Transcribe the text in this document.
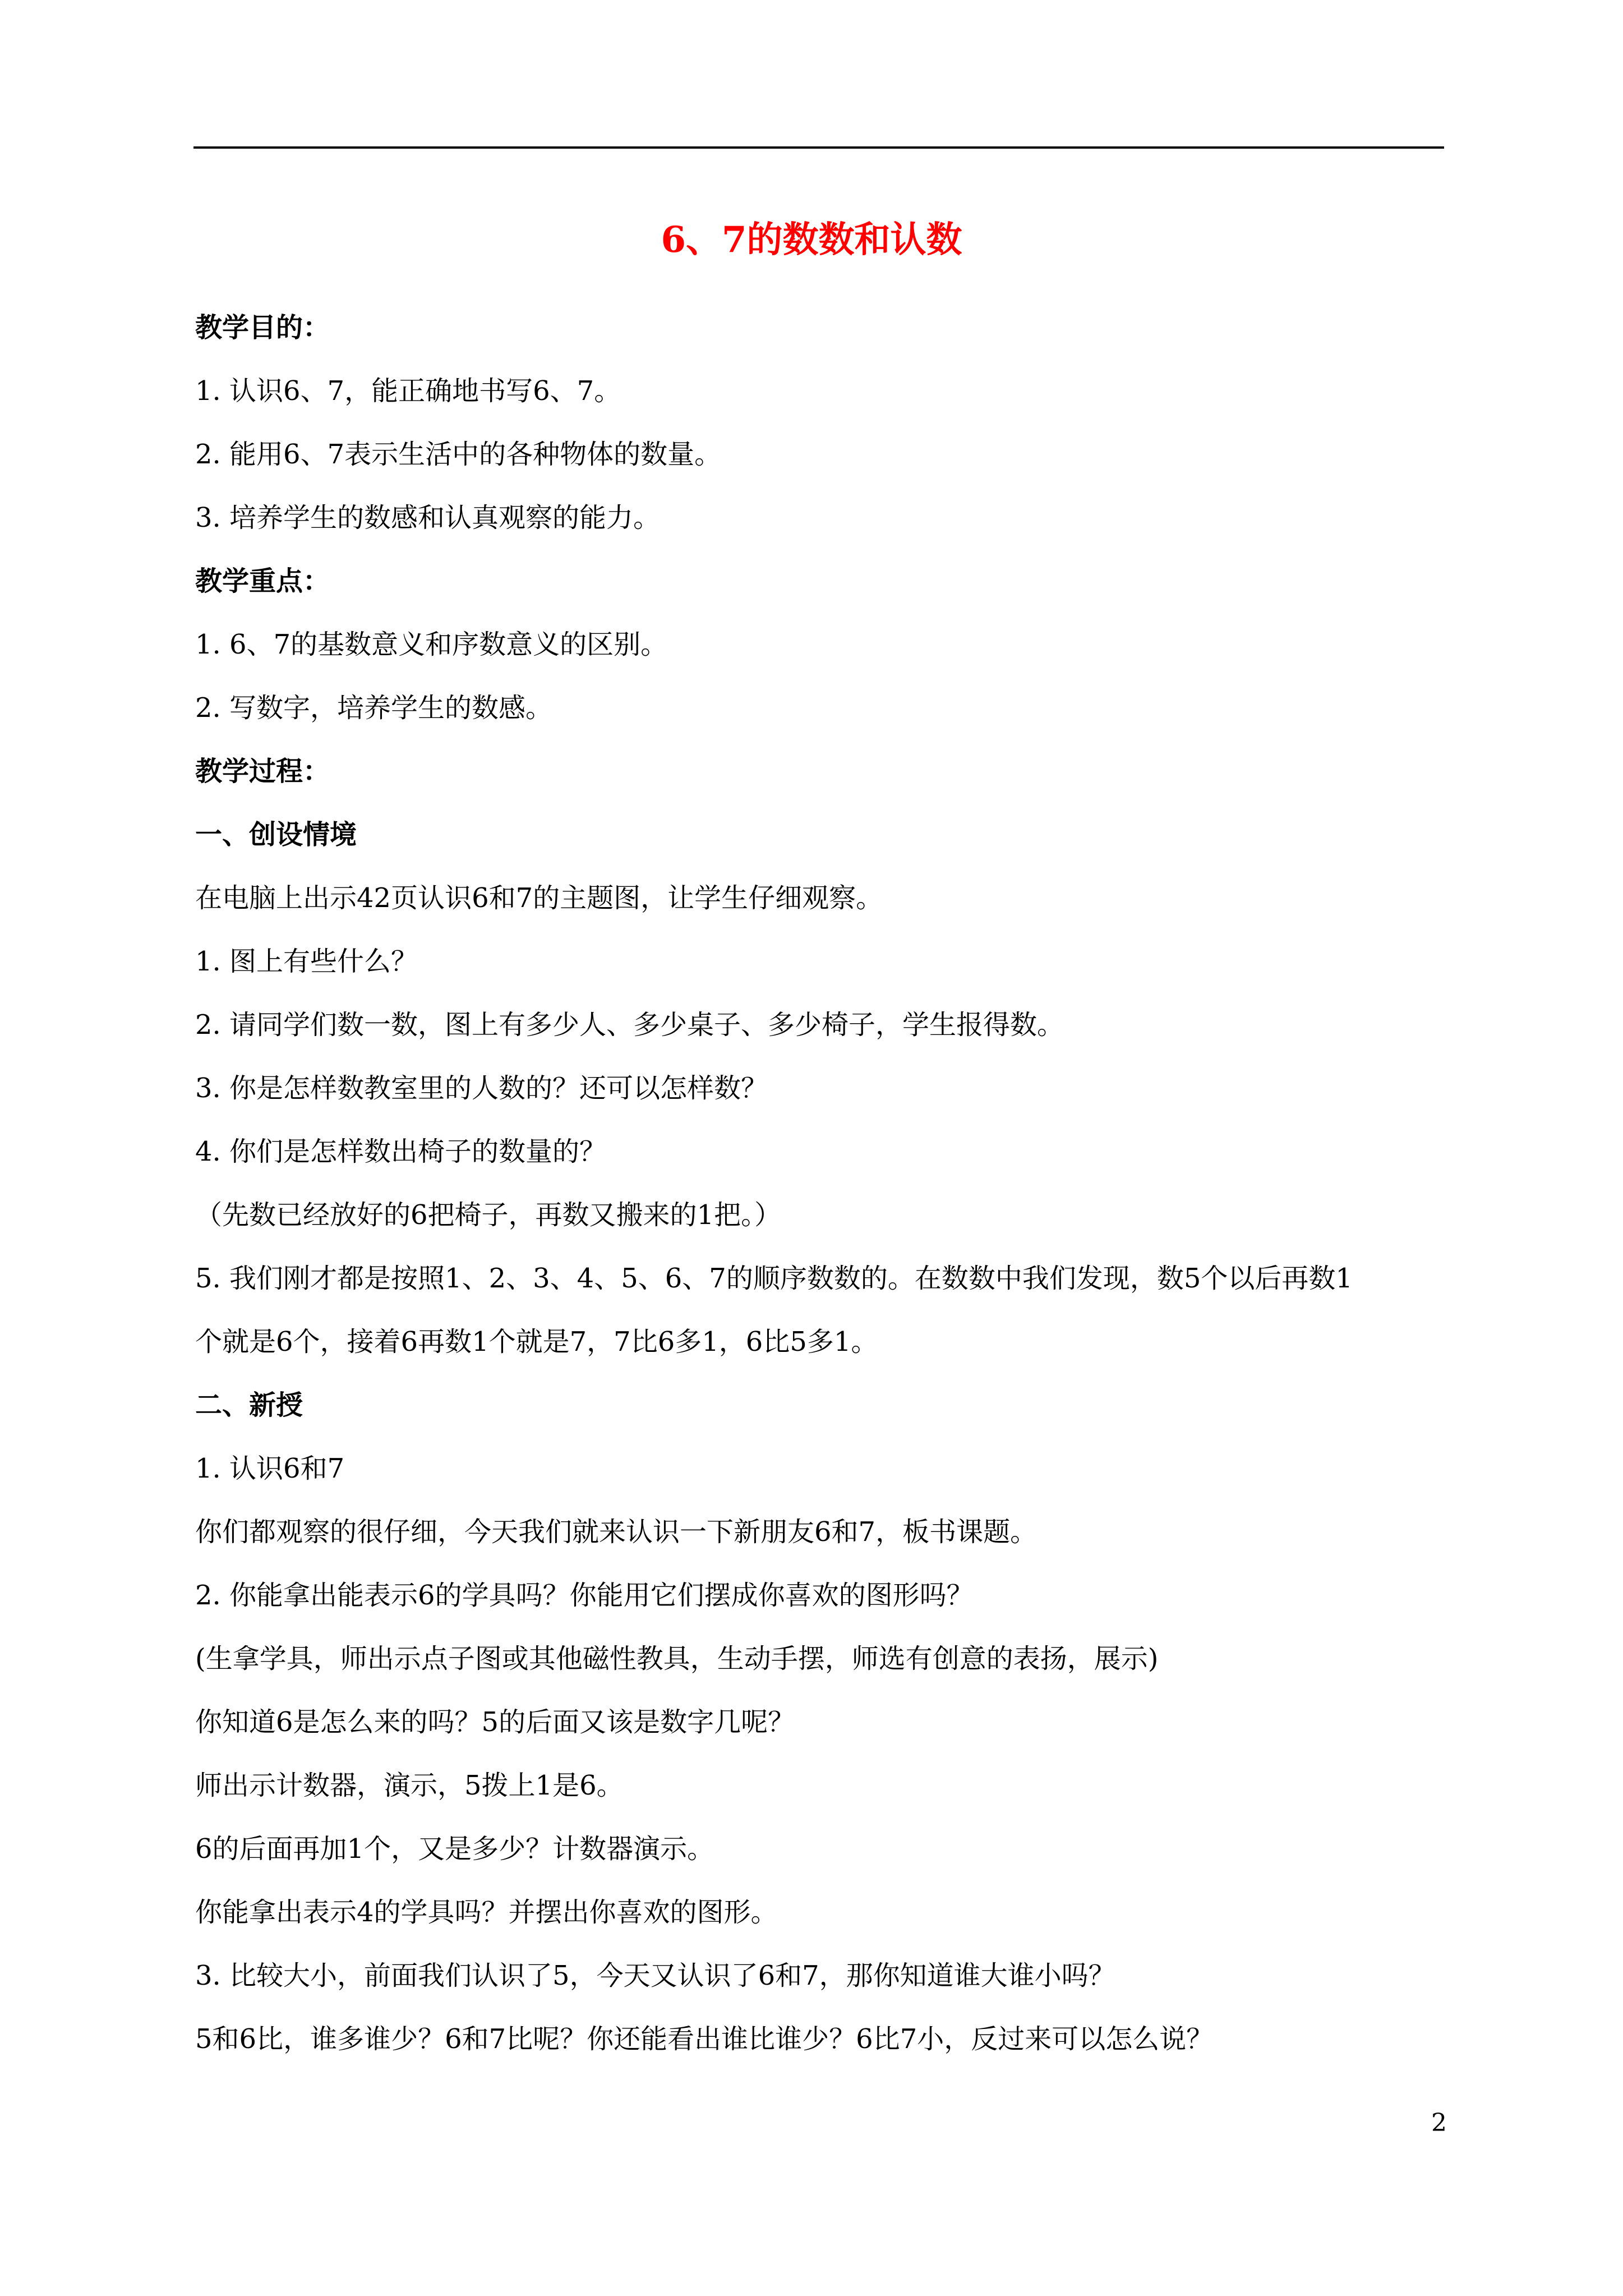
6、7的数数和认数

教学目的：

1. 认识6、7，能正确地书写6、7。

2. 能用6、7表示生活中的各种物体的数量。

3. 培养学生的数感和认真观察的能力。

教学重点：

1. 6、7的基数意义和序数意义的区别。

2. 写数字，培养学生的数感。

教学过程：

一、创设情境

在电脑上出示42页认识6和7的主题图，让学生仔细观察。

1. 图上有些什么？

2. 请同学们数一数，图上有多少人、多少桌子、多少椅子，学生报得数。

3. 你是怎样数教室里的人数的？还可以怎样数？

4. 你们是怎样数出椅子的数量的？

（先数已经放好的6把椅子，再数又搬来的1把。）

5. 我们刚才都是按照1、2、3、4、5、6、7的顺序数数的。在数数中我们发现，数5个以后再数1

个就是6个，接着6再数1个就是7，7比6多1，6比5多1。

二、新授

1. 认识6和7

你们都观察的很仔细，今天我们就来认识一下新朋友6和7，板书课题。

2. 你能拿出能表示6的学具吗？你能用它们摆成你喜欢的图形吗？

(生拿学具，师出示点子图或其他磁性教具，生动手摆，师选有创意的表扬，展示)

你知道6是怎么来的吗？5的后面又该是数字几呢？

师出示计数器，演示，5拨上1是6。

6的后面再加1个，又是多少？计数器演示。

你能拿出表示4的学具吗？并摆出你喜欢的图形。

3. 比较大小，前面我们认识了5，今天又认识了6和7，那你知道谁大谁小吗？

5和6比，谁多谁少？6和7比呢？你还能看出谁比谁少？6比7小，反过来可以怎么说？

2
